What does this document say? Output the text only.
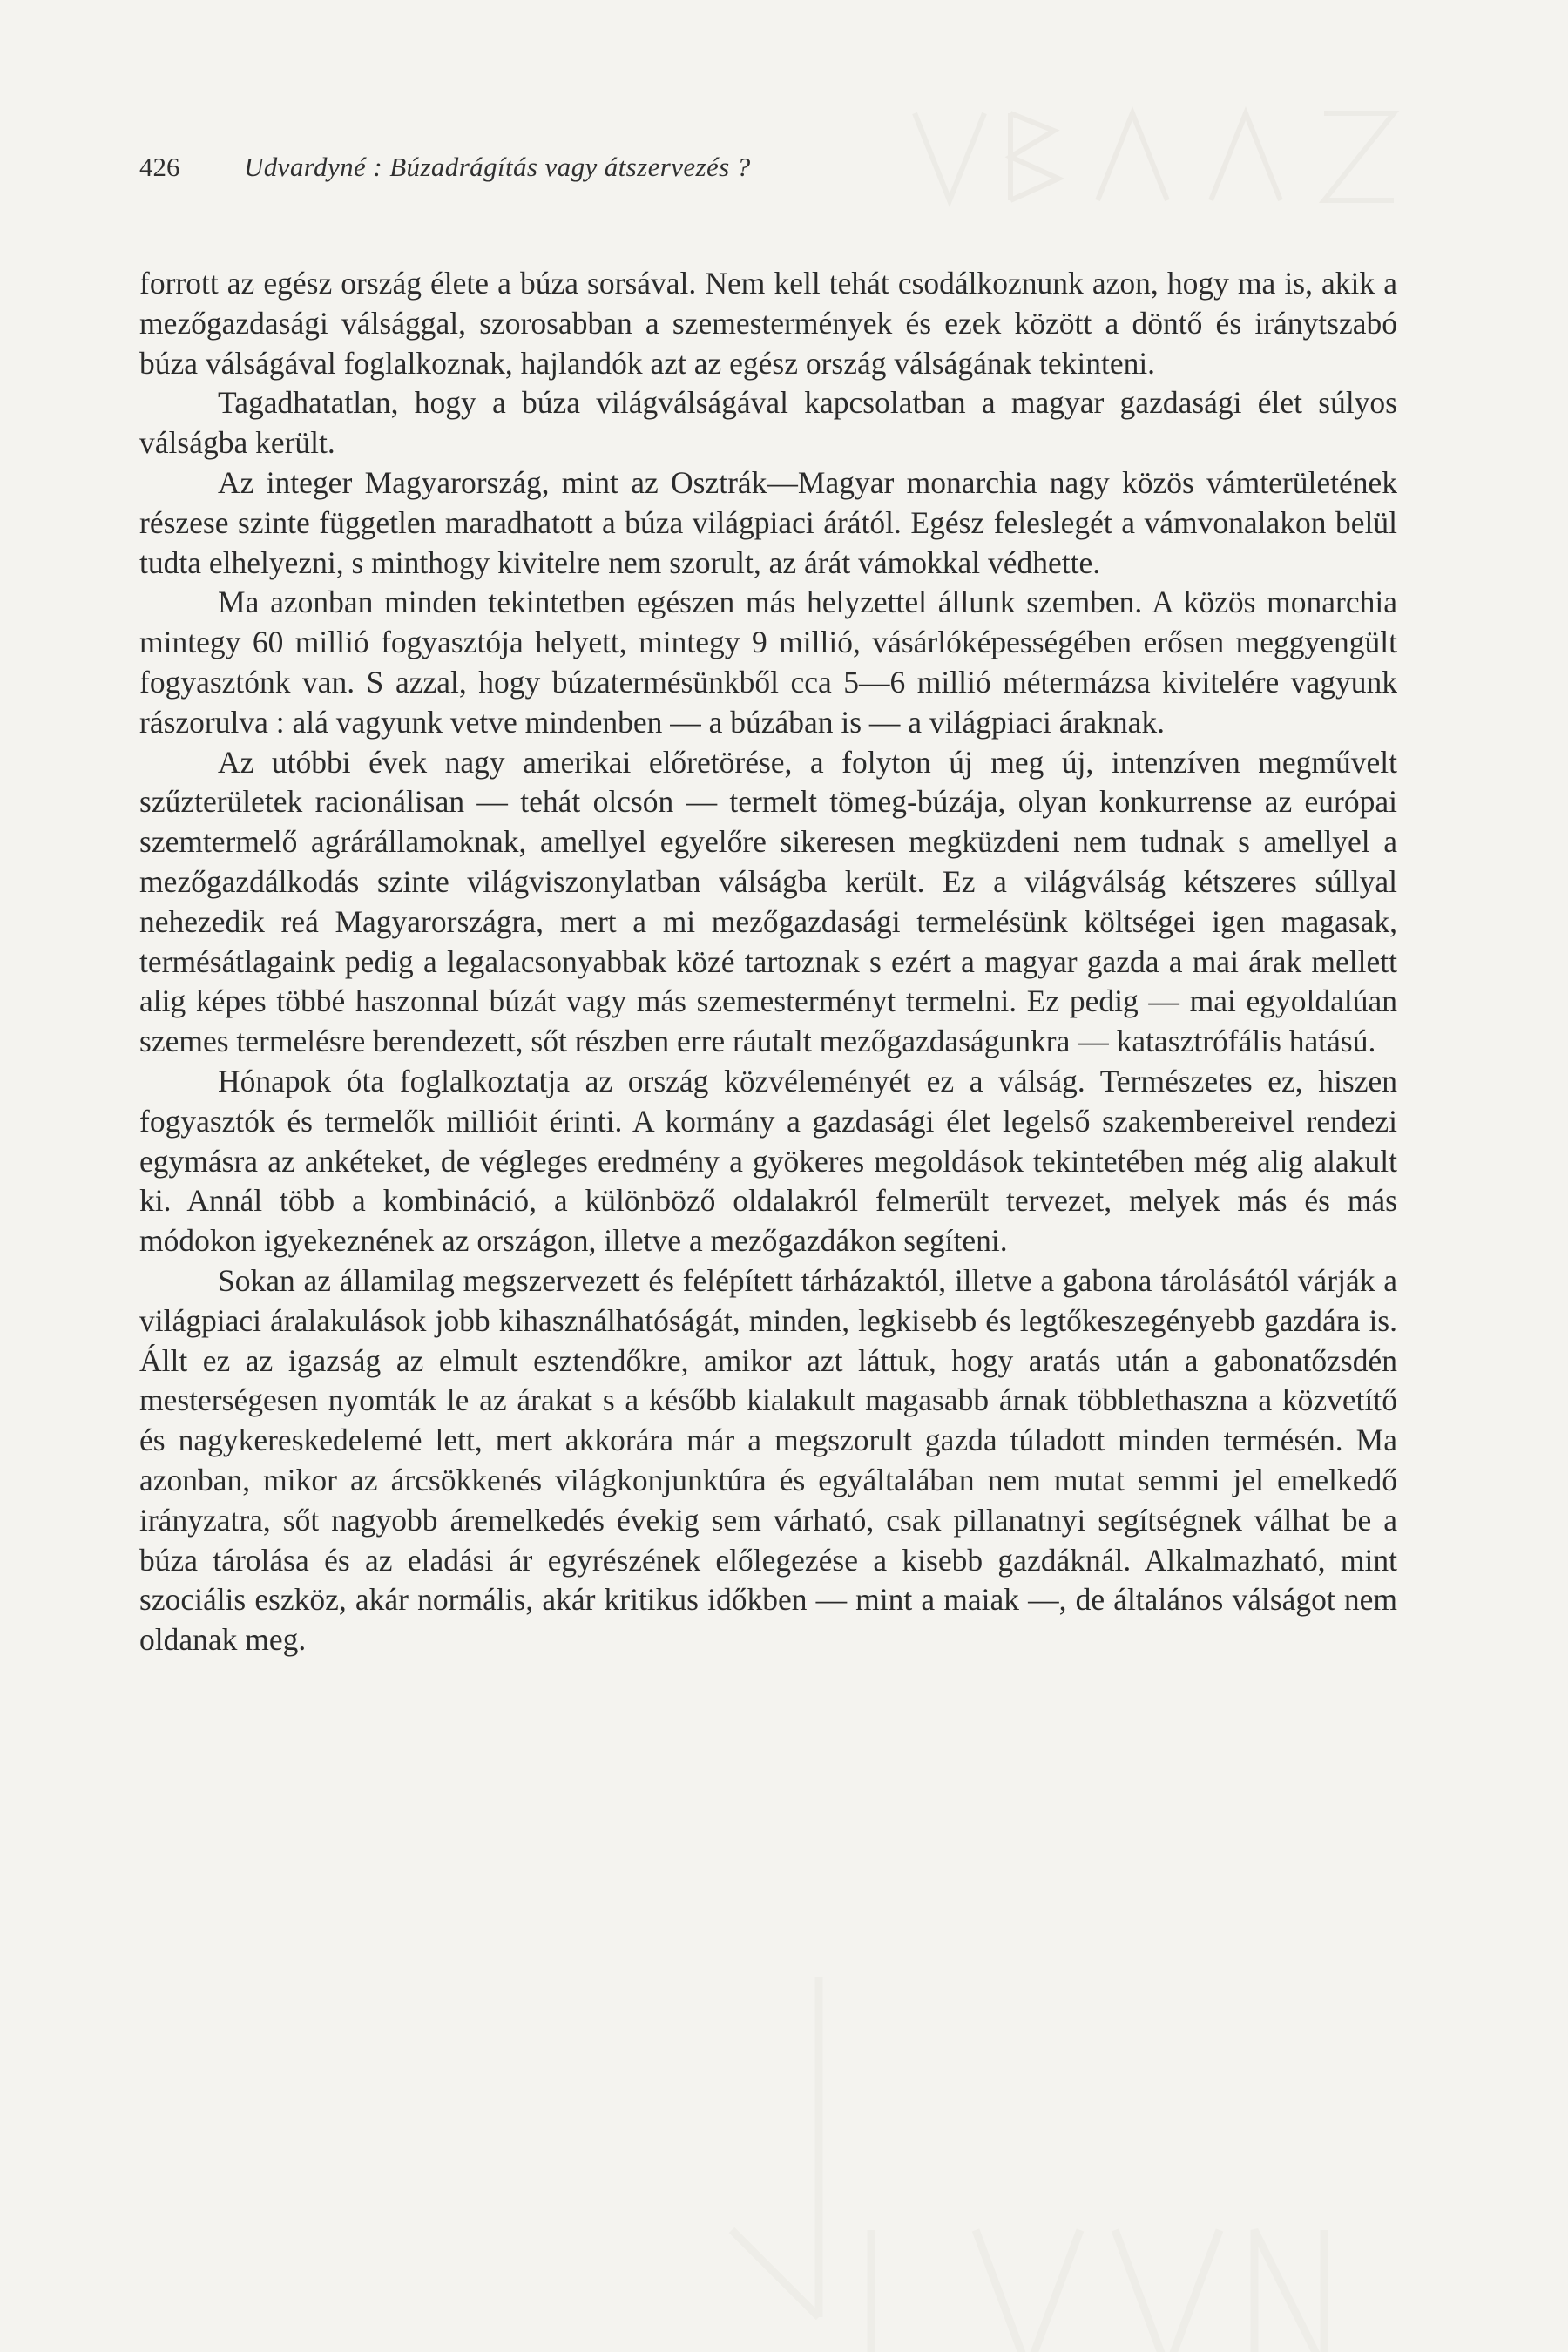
426 Udvardyné : Búzadrágítás vagy átszervezés ?

forrott az egész ország élete a búza sorsával. Nem kell tehát csodálkoznunk azon, hogy ma is, akik a mezőgazdasági válsággal, szorosabban a szemestermények és ezek között a döntő és iránytszabó búza válságával foglalkoznak, hajlandók azt az egész ország válságának tekinteni.

Tagadhatatlan, hogy a búza világválságával kapcsolatban a magyar gazdasági élet súlyos válságba került.

Az integer Magyarország, mint az Osztrák—Magyar monarchia nagy közös vámterületének részese szinte független maradhatott a búza világpiaci árától. Egész feleslegét a vámvonalakon belül tudta elhelyezni, s minthogy kivitelre nem szorult, az árát vámokkal védhette.

Ma azonban minden tekintetben egészen más helyzettel állunk szemben. A közös monarchia mintegy 60 millió fogyasztója helyett, mintegy 9 millió, vásárlóképességében erősen meggyengült fogyasztónk van. S azzal, hogy búzatermésünkből cca 5—6 millió métermázsa kivitelére vagyunk rászorulva : alá vagyunk vetve mindenben — a búzában is — a világpiaci áraknak.

Az utóbbi évek nagy amerikai előretörése, a folyton új meg új, intenzíven megművelt szűzterületek racionálisan — tehát olcsón — termelt tömeg-búzája, olyan konkurrense az európai szemtermelő agrárállamoknak, amellyel egyelőre sikeresen megküzdeni nem tudnak s amellyel a mezőgazdálkodás szinte világviszonylatban válságba került. Ez a világválság kétszeres súllyal nehezedik reá Magyarországra, mert a mi mezőgazdasági termelésünk költségei igen magasak, termésátlagaink pedig a legalacsonyabbak közé tartoznak s ezért a magyar gazda a mai árak mellett alig képes többé haszonnal búzát vagy más szemesterményt termelni. Ez pedig — mai egyoldalúan szemes termelésre berendezett, sőt részben erre ráutalt mezőgazdaságunkra — katasztrófális hatású.

Hónapok óta foglalkoztatja az ország közvéleményét ez a válság. Természetes ez, hiszen fogyasztók és termelők millióit érinti. A kormány a gazdasági élet legelső szakembereivel rendezi egymásra az ankéteket, de végleges eredmény a gyökeres megoldások tekintetében még alig alakult ki. Annál több a kombináció, a különböző oldalakról felmerült tervezet, melyek más és más módokon igyekeznének az országon, illetve a mezőgazdákon segíteni.

Sokan az államilag megszervezett és felépített tárházaktól, illetve a gabona tárolásától várják a világpiaci áralakulások jobb kihasználhatóságát, minden, legkisebb és legtőkeszegényebb gazdára is. Állt ez az igazság az elmult esztendőkre, amikor azt láttuk, hogy aratás után a gabonatőzsdén mesterségesen nyomták le az árakat s a később kialakult magasabb árnak többlethaszna a közvetítő és nagykereskedelemé lett, mert akkorára már a megszorult gazda túladott minden termésén. Ma azonban, mikor az árcsökkenés világkonjunktúra és egyáltalában nem mutat semmi jel emelkedő irányzatra, sőt nagyobb áremelkedés évekig sem várható, csak pillanatnyi segítségnek válhat be a búza tárolása és az eladási ár egyrészének előlegezése a kisebb gazdáknál. Alkalmazható, mint szociális eszköz, akár normális, akár kritikus időkben — mint a maiak —, de általános válságot nem oldanak meg.
